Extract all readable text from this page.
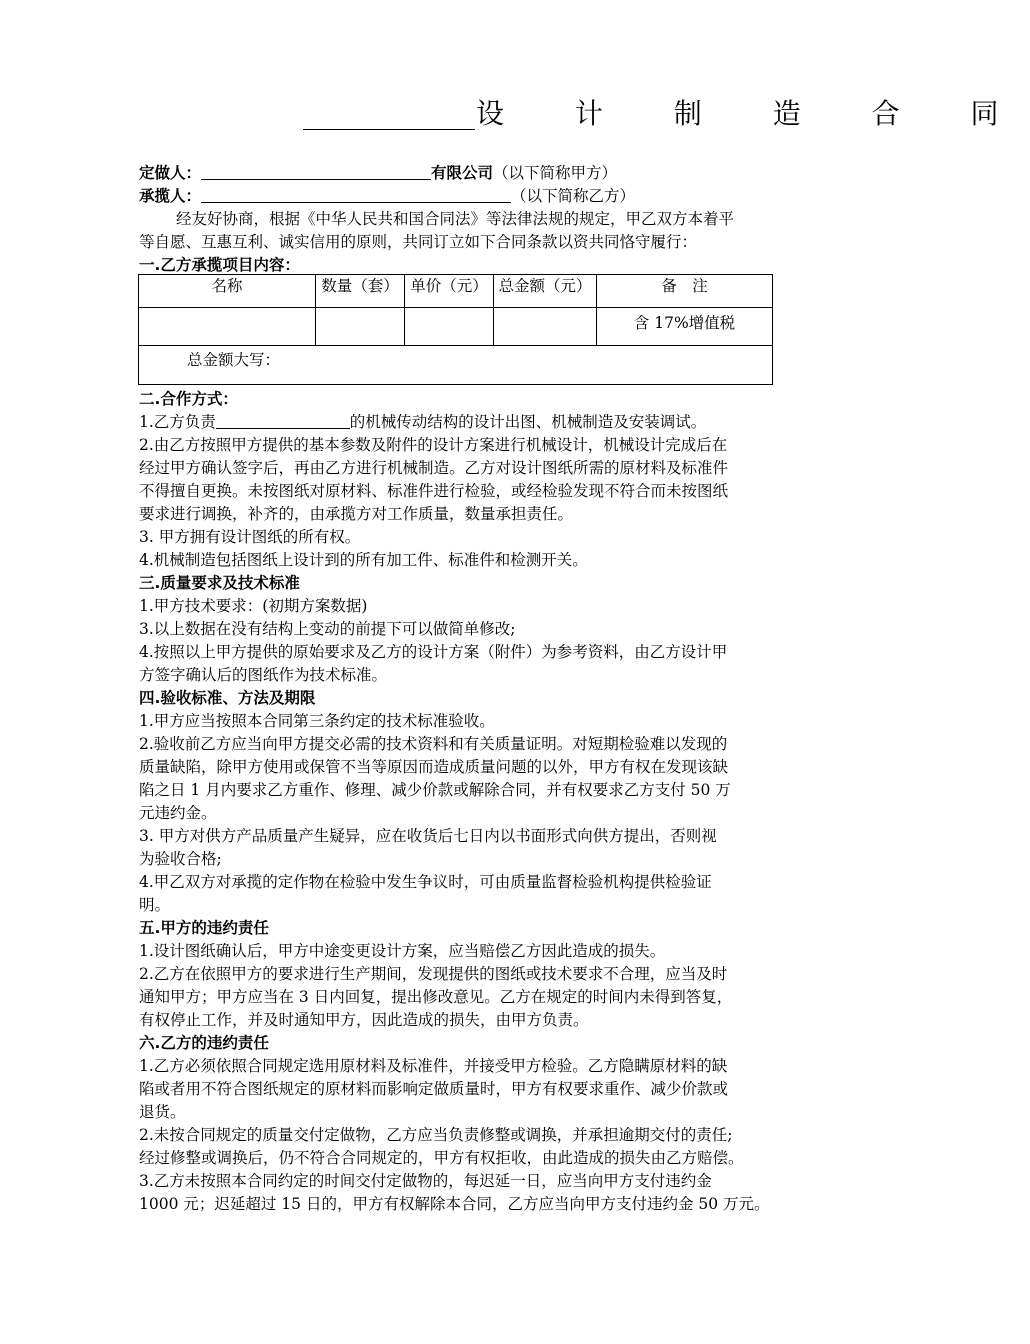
设 计 制 造 合 同
定做人：	有限公司（以下简称甲方）
承揽人：	（以下简称乙方）
经友好协商，根据《中华人民共和国合同法》等法律法规的规定，甲乙双方本着平
等自愿、互惠互利、诚实信用的原则，共同订立如下合同条款以资共同恪守履行：
一.乙方承揽项目内容：
名称	数量（套）	单价（元）	总金额（元）	备　注
				含 17%增值税
总金额大写：				
二.合作方式：
1.乙方负责	的机械传动结构的设计出图、机械制造及安装调试。
2.由乙方按照甲方提供的基本参数及附件的设计方案进行机械设计，机械设计完成后在
经过甲方确认签字后，再由乙方进行机械制造。乙方对设计图纸所需的原材料及标准件
不得擅自更换。未按图纸对原材料、标准件进行检验，或经检验发现不符合而未按图纸
要求进行调换，补齐的，由承揽方对工作质量，数量承担责任。
3. 甲方拥有设计图纸的所有权。
4.机械制造包括图纸上设计到的所有加工件、标准件和检测开关。
三.质量要求及技术标准
1.甲方技术要求：(初期方案数据)
3.以上数据在没有结构上变动的前提下可以做简单修改;
4.按照以上甲方提供的原始要求及乙方的设计方案（附件）为参考资料，由乙方设计甲
方签字确认后的图纸作为技术标准。
四.验收标准、方法及期限
1.甲方应当按照本合同第三条约定的技术标准验收。
2.验收前乙方应当向甲方提交必需的技术资料和有关质量证明。对短期检验难以发现的
质量缺陷，除甲方使用或保管不当等原因而造成质量问题的以外，甲方有权在发现该缺
陷之日 1 月内要求乙方重作、修理、减少价款或解除合同，并有权要求乙方支付 50 万
元违约金。
3. 甲方对供方产品质量产生疑异，应在收货后七日内以书面形式向供方提出，否则视
为验收合格;
4.甲乙双方对承揽的定作物在检验中发生争议时，可由质量监督检验机构提供检验证
明。
五.甲方的违约责任
1.设计图纸确认后，甲方中途变更设计方案，应当赔偿乙方因此造成的损失。
2.乙方在依照甲方的要求进行生产期间，发现提供的图纸或技术要求不合理，应当及时
通知甲方；甲方应当在 3 日内回复，提出修改意见。乙方在规定的时间内未得到答复，
有权停止工作，并及时通知甲方，因此造成的损失，由甲方负责。
六.乙方的违约责任
1.乙方必须依照合同规定选用原材料及标准件，并接受甲方检验。乙方隐瞒原材料的缺
陷或者用不符合图纸规定的原材料而影响定做质量时，甲方有权要求重作、减少价款或
退货。
2.未按合同规定的质量交付定做物，乙方应当负责修整或调换，并承担逾期交付的责任;
经过修整或调换后，仍不符合合同规定的，甲方有权拒收，由此造成的损失由乙方赔偿。
3.乙方未按照本合同约定的时间交付定做物的，每迟延一日，应当向甲方支付违约金
1000 元；迟延超过 15 日的，甲方有权解除本合同，乙方应当向甲方支付违约金 50 万元。
